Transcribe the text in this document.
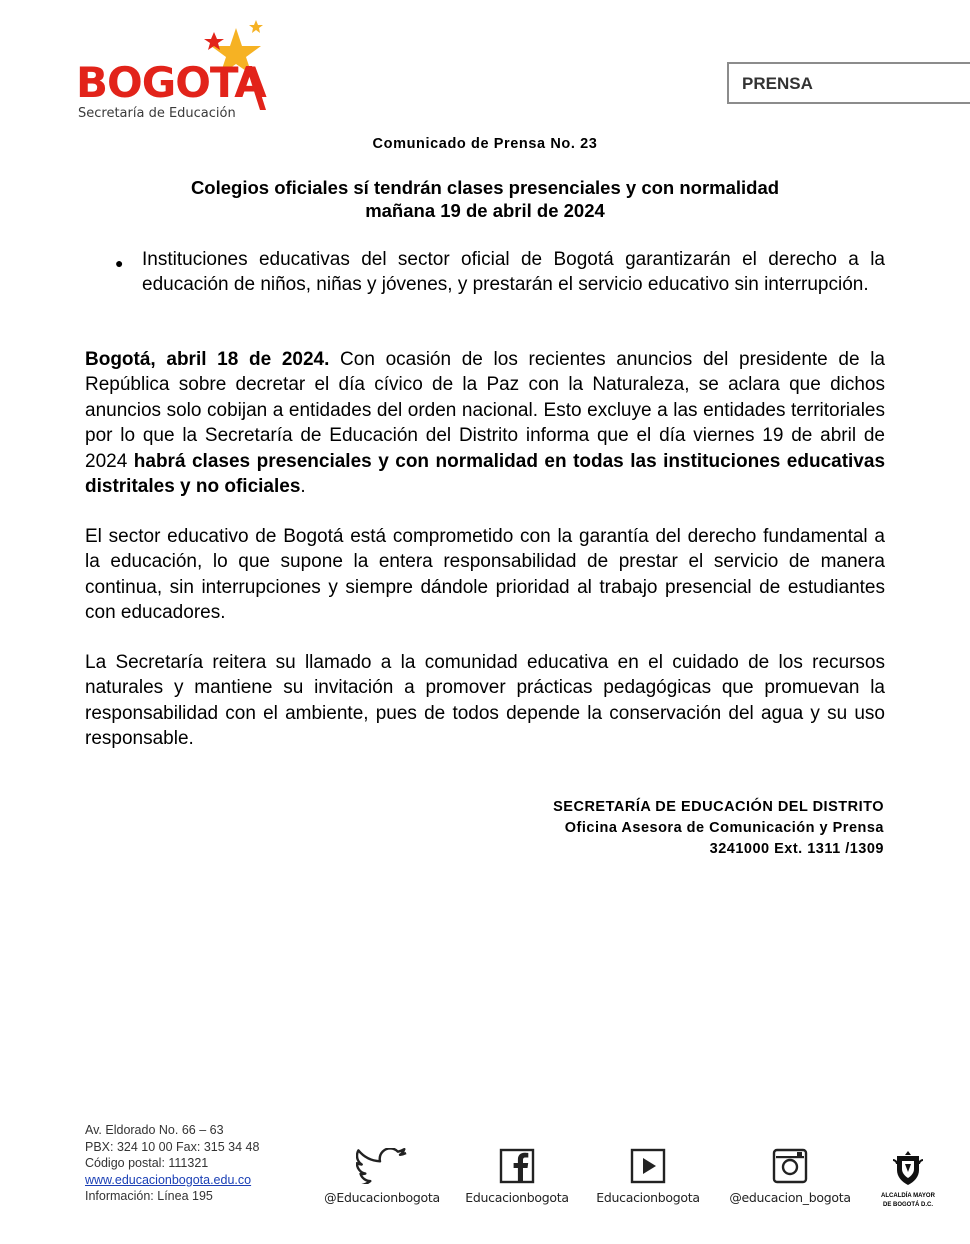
BOGOTA
Secretaría de Educación
PRENSA
Comunicado de Prensa No. 23
Colegios oficiales sí tendrán clases presenciales y con normalidad
mañana 19 de abril de 2024
● Instituciones educativas del sector oficial de Bogotá garantizarán el derecho a la educación de niños, niñas y jóvenes, y prestarán el servicio educativo sin interrupción.

Bogotá, abril 18 de 2024. Con ocasión de los recientes anuncios del presidente de la República sobre decretar el día cívico de la Paz con la Naturaleza, se aclara que dichos anuncios solo cobijan a entidades del orden nacional. Esto excluye a las entidades territoriales por lo que la Secretaría de Educación del Distrito informa que el día viernes 19 de abril de 2024 habrá clases presenciales y con normalidad en todas las instituciones educativas distritales y no oficiales.

El sector educativo de Bogotá está comprometido con la garantía del derecho fundamental a la educación, lo que supone la entera responsabilidad de prestar el servicio de manera continua, sin interrupciones y siempre dándole prioridad al trabajo presencial de estudiantes con educadores.

La Secretaría reitera su llamado a la comunidad educativa en el cuidado de los recursos naturales y mantiene su invitación a promover prácticas pedagógicas que promuevan la responsabilidad con el ambiente, pues de todos depende la conservación del agua y su uso responsable.

SECRETARÍA DE EDUCACIÓN DEL DISTRITO
Oficina Asesora de Comunicación y Prensa
3241000 Ext. 1311 /1309
Av. Eldorado No. 66 – 63
PBX: 324 10 00 Fax: 315 34 48
Código postal: 111321
www.educacionbogota.edu.co
Información: Línea 195	@Educacionbogota	Educacionbogota	Educacionbogota	@educacion_bogota	ALCALDÍA MAYOR
DE BOGOTÁ D.C.
